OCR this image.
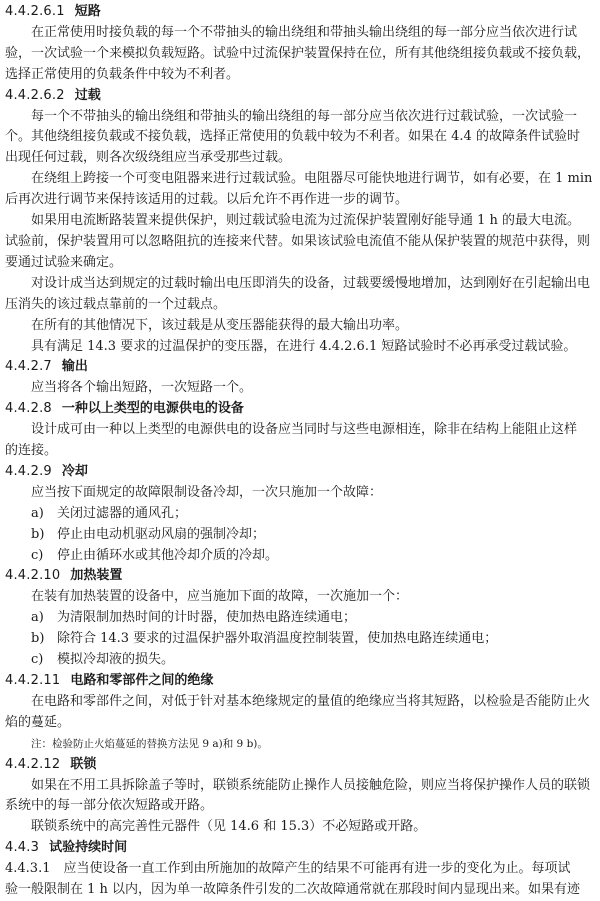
4.4.2.6.1 短路
在正常使用时接负载的每一个不带抽头的输出绕组和带抽头输出绕组的每一部分应当依次进行试
验，一次试验一个来模拟负载短路。试验中过流保护装置保持在位，所有其他绕组接负载或不接负载，
选择正常使用的负载条件中较为不利者。
4.4.2.6.2 过载
每一个不带抽头的输出绕组和带抽头的输出绕组的每一部分应当依次进行过载试验，一次试验一
个。其他绕组接负载或不接负载，选择正常使用的负载中较为不利者。如果在 4.4 的故障条件试验时
出现任何过载，则各次级绕组应当承受那些过载。
在绕组上跨接一个可变电阻器来进行过载试验。电阻器尽可能快地进行调节，如有必要，在 1 min
后再次进行调节来保持该适用的过载。以后允许不再作进一步的调节。
如果用电流断路装置来提供保护，则过载试验电流为过流保护装置刚好能导通 1 h 的最大电流。
试验前，保护装置用可以忽略阻抗的连接来代替。如果该试验电流值不能从保护装置的规范中获得，则
要通过试验来确定。
对设计成当达到规定的过载时输出电压即消失的设备，过载要缓慢地增加，达到刚好在引起输出电
压消失的该过载点靠前的一个过载点。
在所有的其他情况下，该过载是从变压器能获得的最大输出功率。
具有满足 14.3 要求的过温保护的变压器，在进行 4.4.2.6.1 短路试验时不必再承受过载试验。
4.4.2.7 输出
应当将各个输出短路，一次短路一个。
4.4.2.8 一种以上类型的电源供电的设备
设计成可由一种以上类型的电源供电的设备应当同时与这些电源相连，除非在结构上能阻止这样
的连接。
4.4.2.9 冷却
应当按下面规定的故障限制设备冷却，一次只施加一个故障：
a) 关闭过滤器的通风孔；
b) 停止由电动机驱动风扇的强制冷却；
c) 停止由循环水或其他冷却介质的冷却。
4.4.2.10 加热装置
在装有加热装置的设备中，应当施加下面的故障，一次施加一个：
a) 为清限制加热时间的计时器，使加热电路连续通电；
b) 除符合 14.3 要求的过温保护器外取消温度控制装置，使加热电路连续通电；
c) 模拟冷却液的损失。
4.4.2.11 电路和零部件之间的绝缘
在电路和零部件之间，对低于针对基本绝缘规定的量值的绝缘应当将其短路，以检验是否能防止火
焰的蔓延。
注：检验防止火焰蔓延的替换方法见 9 a)和 9 b)。
4.4.2.12 联锁
如果在不用工具拆除盖子等时，联锁系统能防止操作人员接触危险，则应当将保护操作人员的联锁
系统中的每一部分依次短路或开路。
联锁系统中的高完善性元器件（见 14.6 和 15.3）不必短路或开路。
4.4.3 试验持续时间
4.4.3.1　应当使设备一直工作到由所施加的故障产生的结果不可能再有进一步的变化为止。每项试
验一般限制在 1 h 以内，因为单一故障条件引发的二次故障通常就在那段时间内显现出来。如果有迹
